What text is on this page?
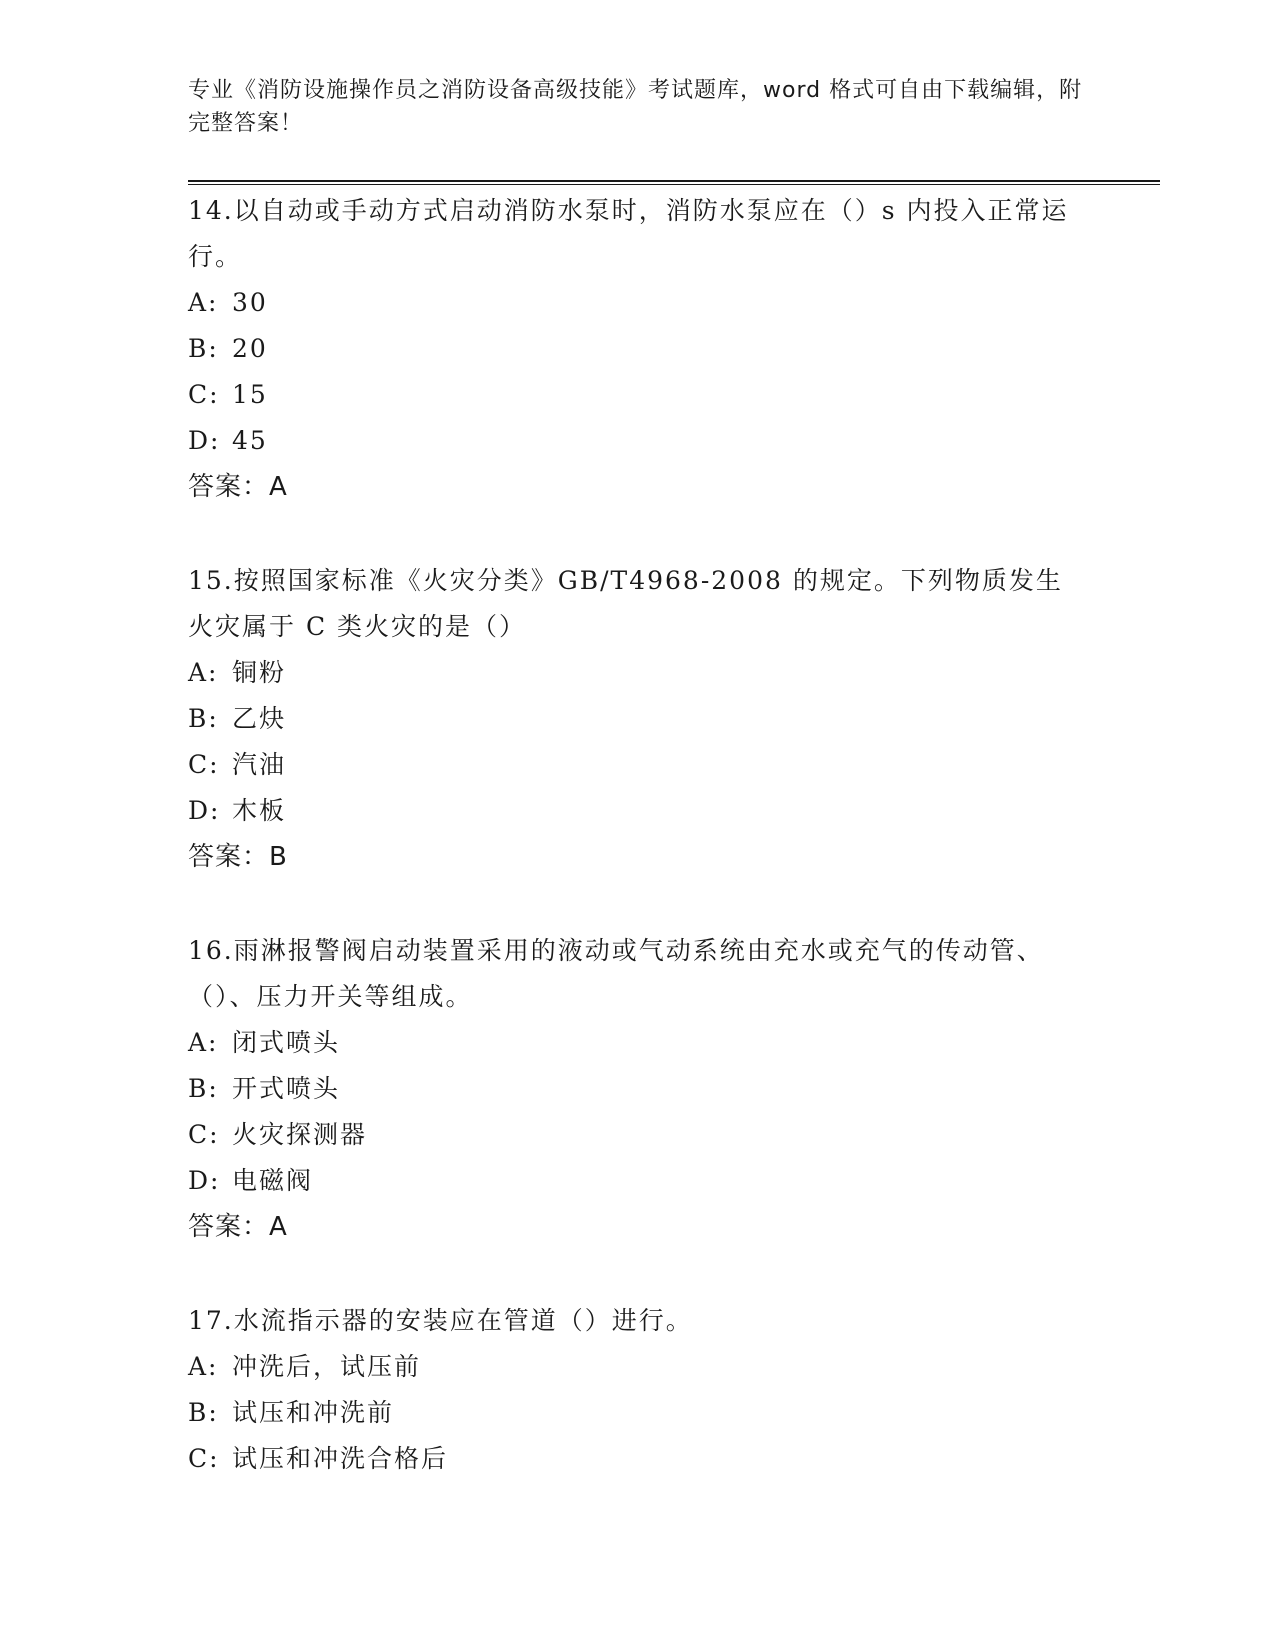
专业《消防设施操作员之消防设备高级技能》考试题库，word 格式可自由下载编辑，附完整答案！
14.以自动或手动方式启动消防水泵时，消防水泵应在（）s 内投入正常运行。
A: 30
B: 20
C: 15
D: 45
答案：A
15.按照国家标准《火灾分类》GB/T4968-2008 的规定。下列物质发生火灾属于 C 类火灾的是（）
A: 铜粉
B: 乙炔
C: 汽油
D: 木板
答案：B
16.雨淋报警阀启动装置采用的液动或气动系统由充水或充气的传动管、（）、压力开关等组成。
A: 闭式喷头
B: 开式喷头
C: 火灾探测器
D: 电磁阀
答案：A
17.水流指示器的安装应在管道（）进行。
A: 冲洗后，试压前
B: 试压和冲洗前
C: 试压和冲洗合格后
